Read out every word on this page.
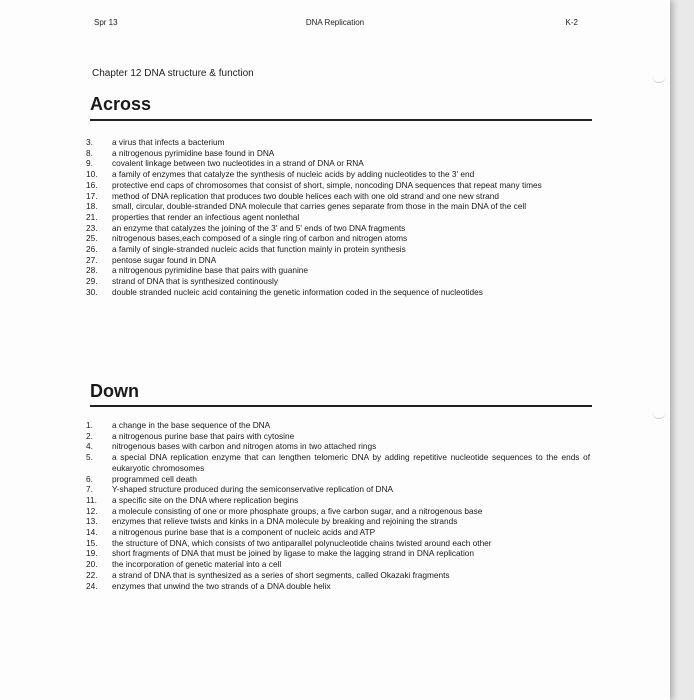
Spr 13	DNA Replication	K-2
Chapter 12 DNA structure & function
Across
3.	a virus that infects a bacterium
8.	a nitrogenous pyrimidine base found in DNA
9.	covalent linkage between two nucleotides in a strand of DNA or RNA
10.	a family of enzymes that catalyze the synthesis of nucleic acids by adding nucleotides to the 3' end
16.	protective end caps of chromosomes that consist of short, simple, noncoding DNA sequences that repeat many times
17.	method of DNA replication that produces two double helices each with one old strand and one new strand
18.	small, circular, double-stranded DNA molecule that carries genes separate from those in the main DNA of the cell
21.	properties that render an infectious agent nonlethal
23.	an enzyme that catalyzes the joining of the 3' and 5' ends of two DNA fragments
25.	nitrogenous bases,each composed of a single ring of carbon and nitrogen atoms
26.	a family of single-stranded nucleic acids that function mainly in protein synthesis
27.	pentose sugar found in DNA
28.	a nitrogenous pyrimidine base that pairs with guanine
29.	strand of DNA that is synthesized continously
30.	double stranded nucleic acid containing the genetic information coded in the sequence of nucleotides
Down
1.	a change in the base sequence of the DNA
2.	a nitrogenous purine base that pairs with cytosine
4.	nitrogenous bases with carbon and nitrogen atoms in two attached rings
5.	a special DNA replication enzyme that can lengthen telomeric DNA by adding repetitive nucleotide sequences to the ends of eukaryotic chromosomes
6.	programmed cell death
7.	Y-shaped structure produced during the semiconservative replication of DNA
11.	a specific site on the DNA where replication begins
12.	a molecule consisting of one or more phosphate groups, a five carbon sugar, and a nitrogenous base
13.	enzymes that relieve twists and kinks in a DNA molecule by breaking and rejoining the strands
14.	a nitrogenous purine base that is a component of nucleic acids and ATP
15.	the structure of DNA, which consists of two antiparallel polynucleotide chains twisted around each other
19.	short fragments of DNA that must be joined by ligase to make the lagging strand in DNA replication
20.	the incorporation of genetic material into a cell
22.	a strand of DNA that is synthesized as a series of short segments, called Okazaki fragments
24.	enzymes that unwind the two strands of a DNA double helix
